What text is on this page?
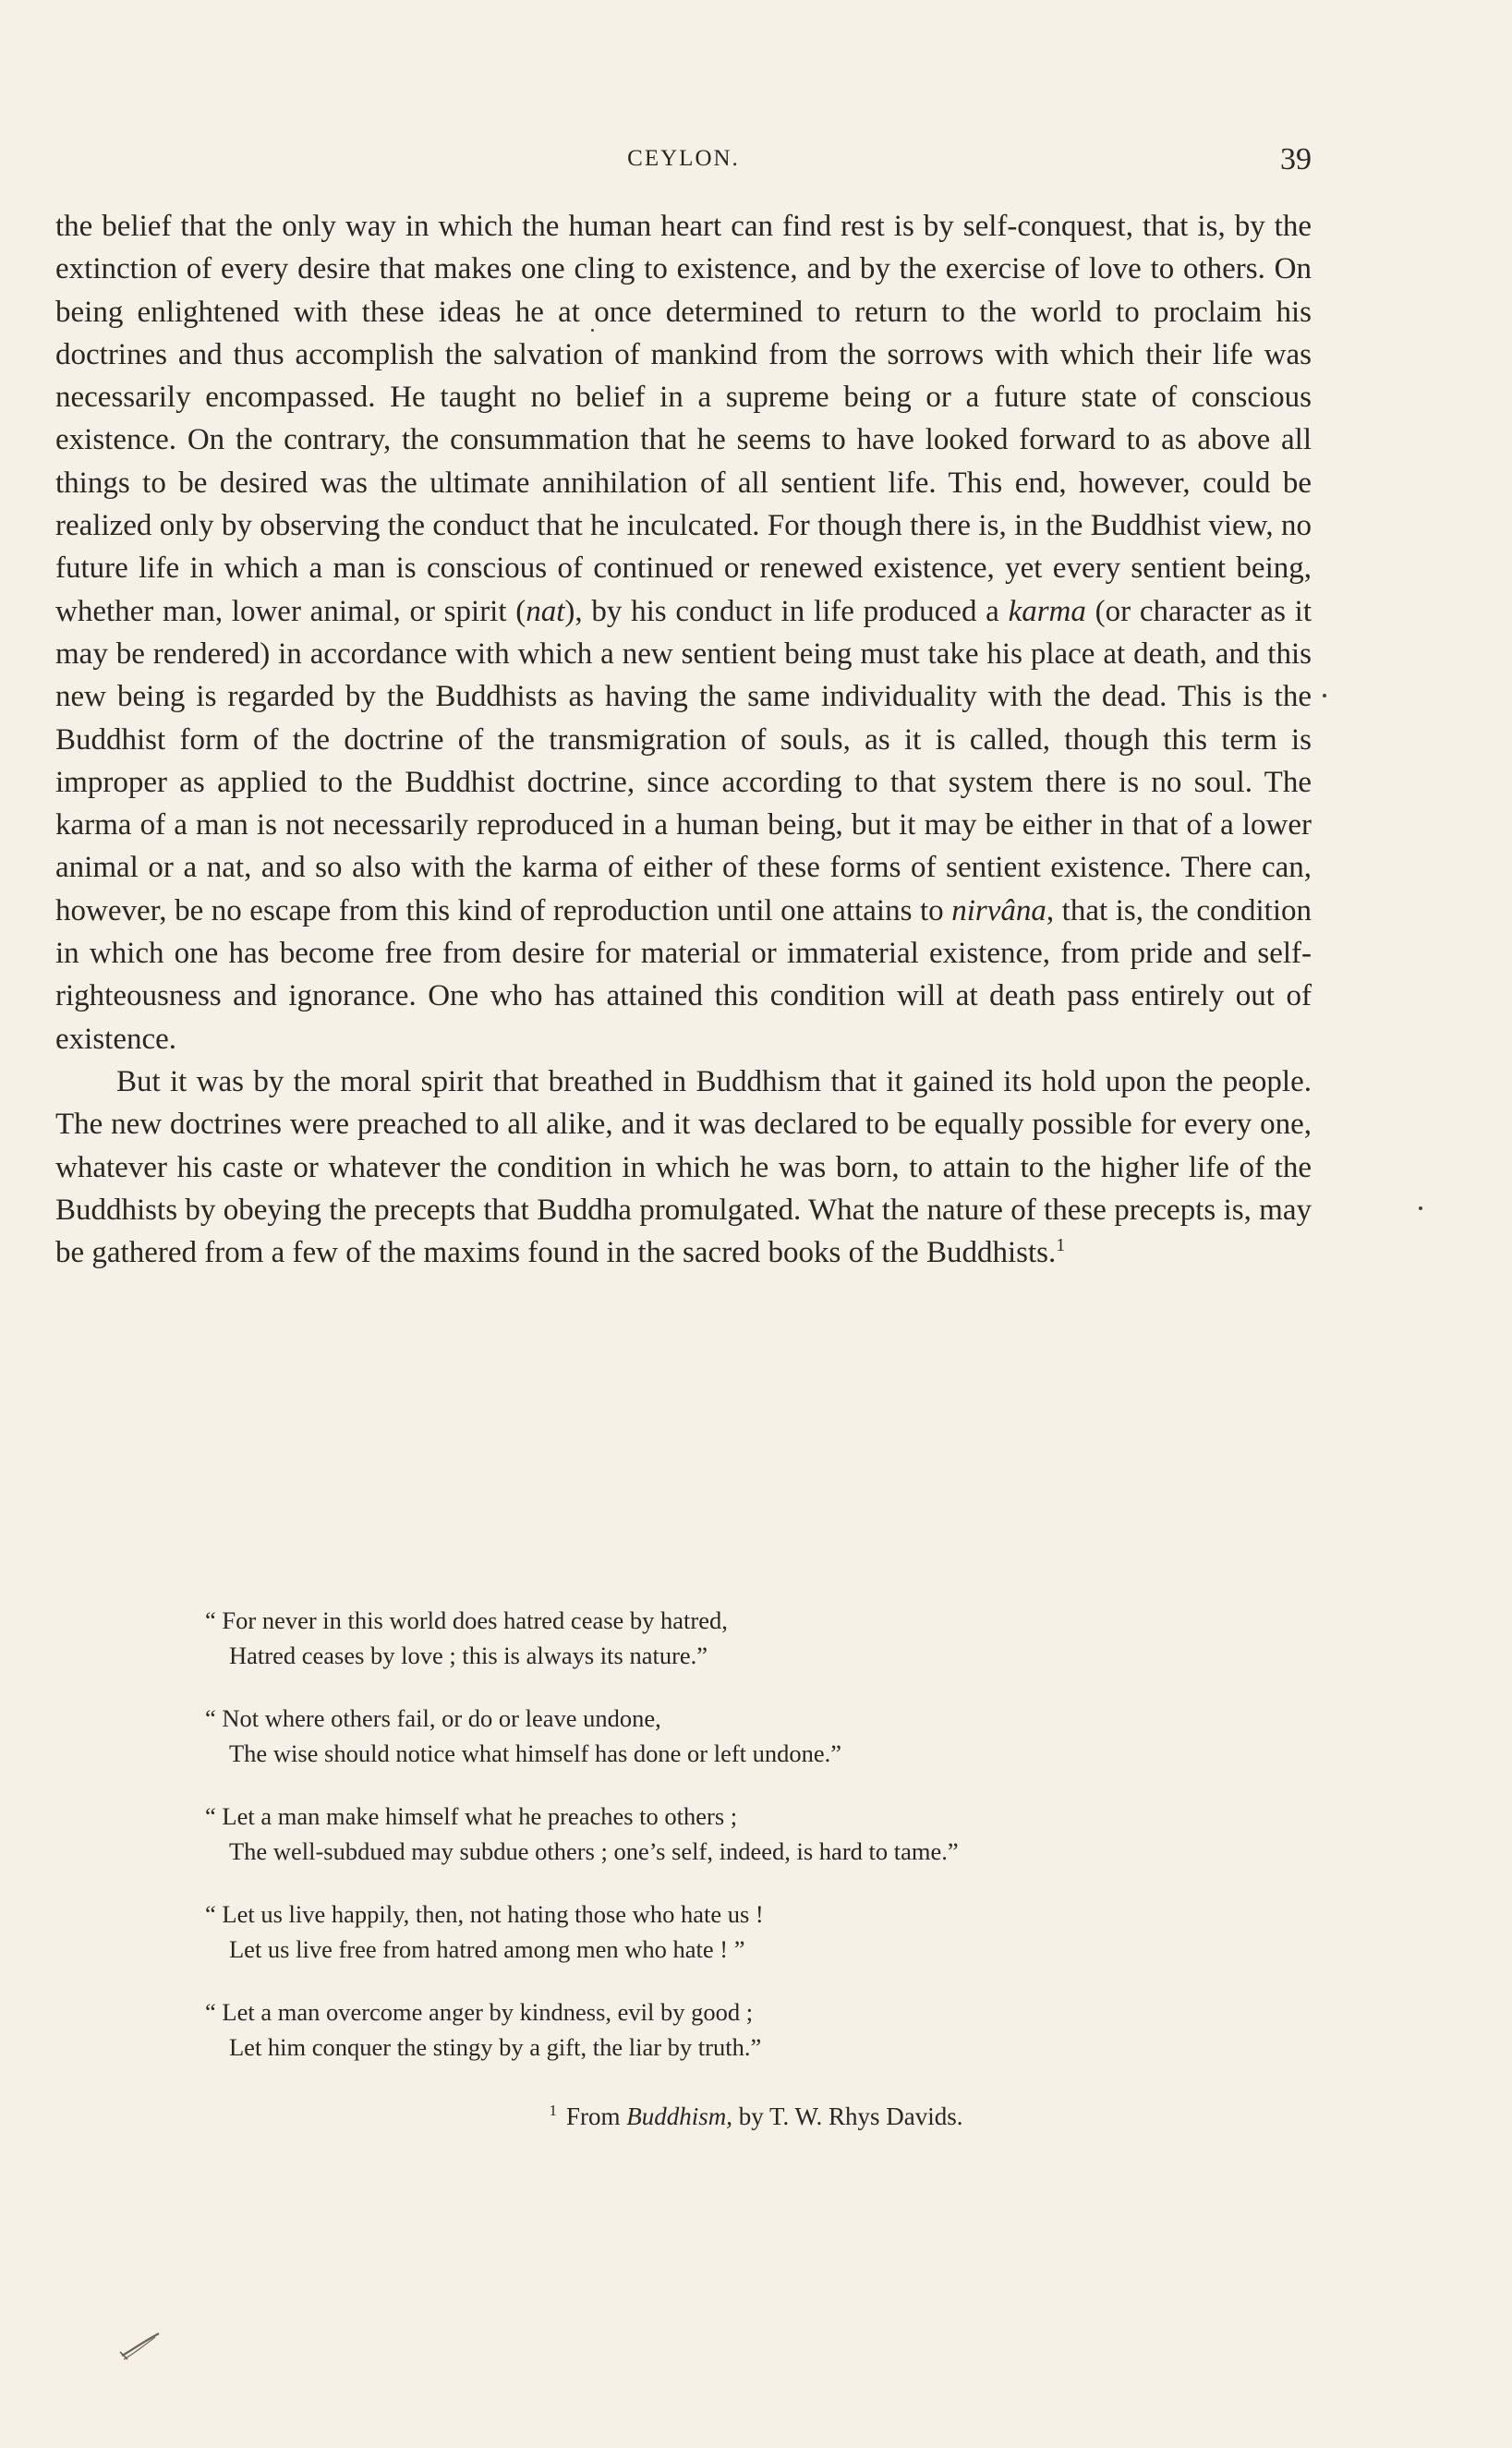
CEYLON.	39

the belief that the only way in which the human heart can find rest is by self-conquest, that is, by the extinction of every desire that makes one cling to existence, and by the exercise of love to others. On being enlightened with these ideas he at once determined to return to the world to proclaim his doctrines and thus accomplish the salvation of mankind from the sorrows with which their life was necessarily encompassed. He taught no belief in a supreme being or a future state of conscious existence. On the contrary, the consummation that he seems to have looked forward to as above all things to be desired was the ultimate annihilation of all sentient life. This end, however, could be realized only by observing the conduct that he inculcated. For though there is, in the Buddhist view, no future life in which a man is conscious of continued or renewed existence, yet every sentient being, whether man, lower animal, or spirit (nat), by his conduct in life produced a karma (or character as it may be rendered) in accordance with which a new sentient being must take his place at death, and this new being is regarded by the Buddhists as having the same individuality with the dead. This is the Buddhist form of the doctrine of the transmigration of souls, as it is called, though this term is improper as applied to the Buddhist doctrine, since according to that system there is no soul. The karma of a man is not necessarily reproduced in a human being, but it may be either in that of a lower animal or a nat, and so also with the karma of either of these forms of sentient existence. There can, however, be no escape from this kind of reproduction until one attains to nirvâna, that is, the condition in which one has become free from desire for material or immaterial existence, from pride and self-righteousness and ignorance. One who has attained this condition will at death pass entirely out of existence.

But it was by the moral spirit that breathed in Buddhism that it gained its hold upon the people. The new doctrines were preached to all alike, and it was declared to be equally possible for every one, whatever his caste or whatever the condition in which he was born, to attain to the higher life of the Buddhists by obeying the precepts that Buddha promulgated. What the nature of these precepts is, may be gathered from a few of the maxims found in the sacred books of the Buddhists.$^1$

“ For never in this world does hatred cease by hatred,
Hatred ceases by love ; this is always its nature.”
“ Not where others fail, or do or leave undone,
The wise should notice what himself has done or left undone.”
“ Let a man make himself what he preaches to others ;
The well-subdued may subdue others ; one’s self, indeed, is hard to tame.”
“ Let us live happily, then, not hating those who hate us !
Let us live free from hatred among men who hate ! ”
“ Let a man overcome anger by kindness, evil by good ;
Let him conquer the stingy by a gift, the liar by truth.”
$^1$ From Buddhism, by T. W. Rhys Davids.
